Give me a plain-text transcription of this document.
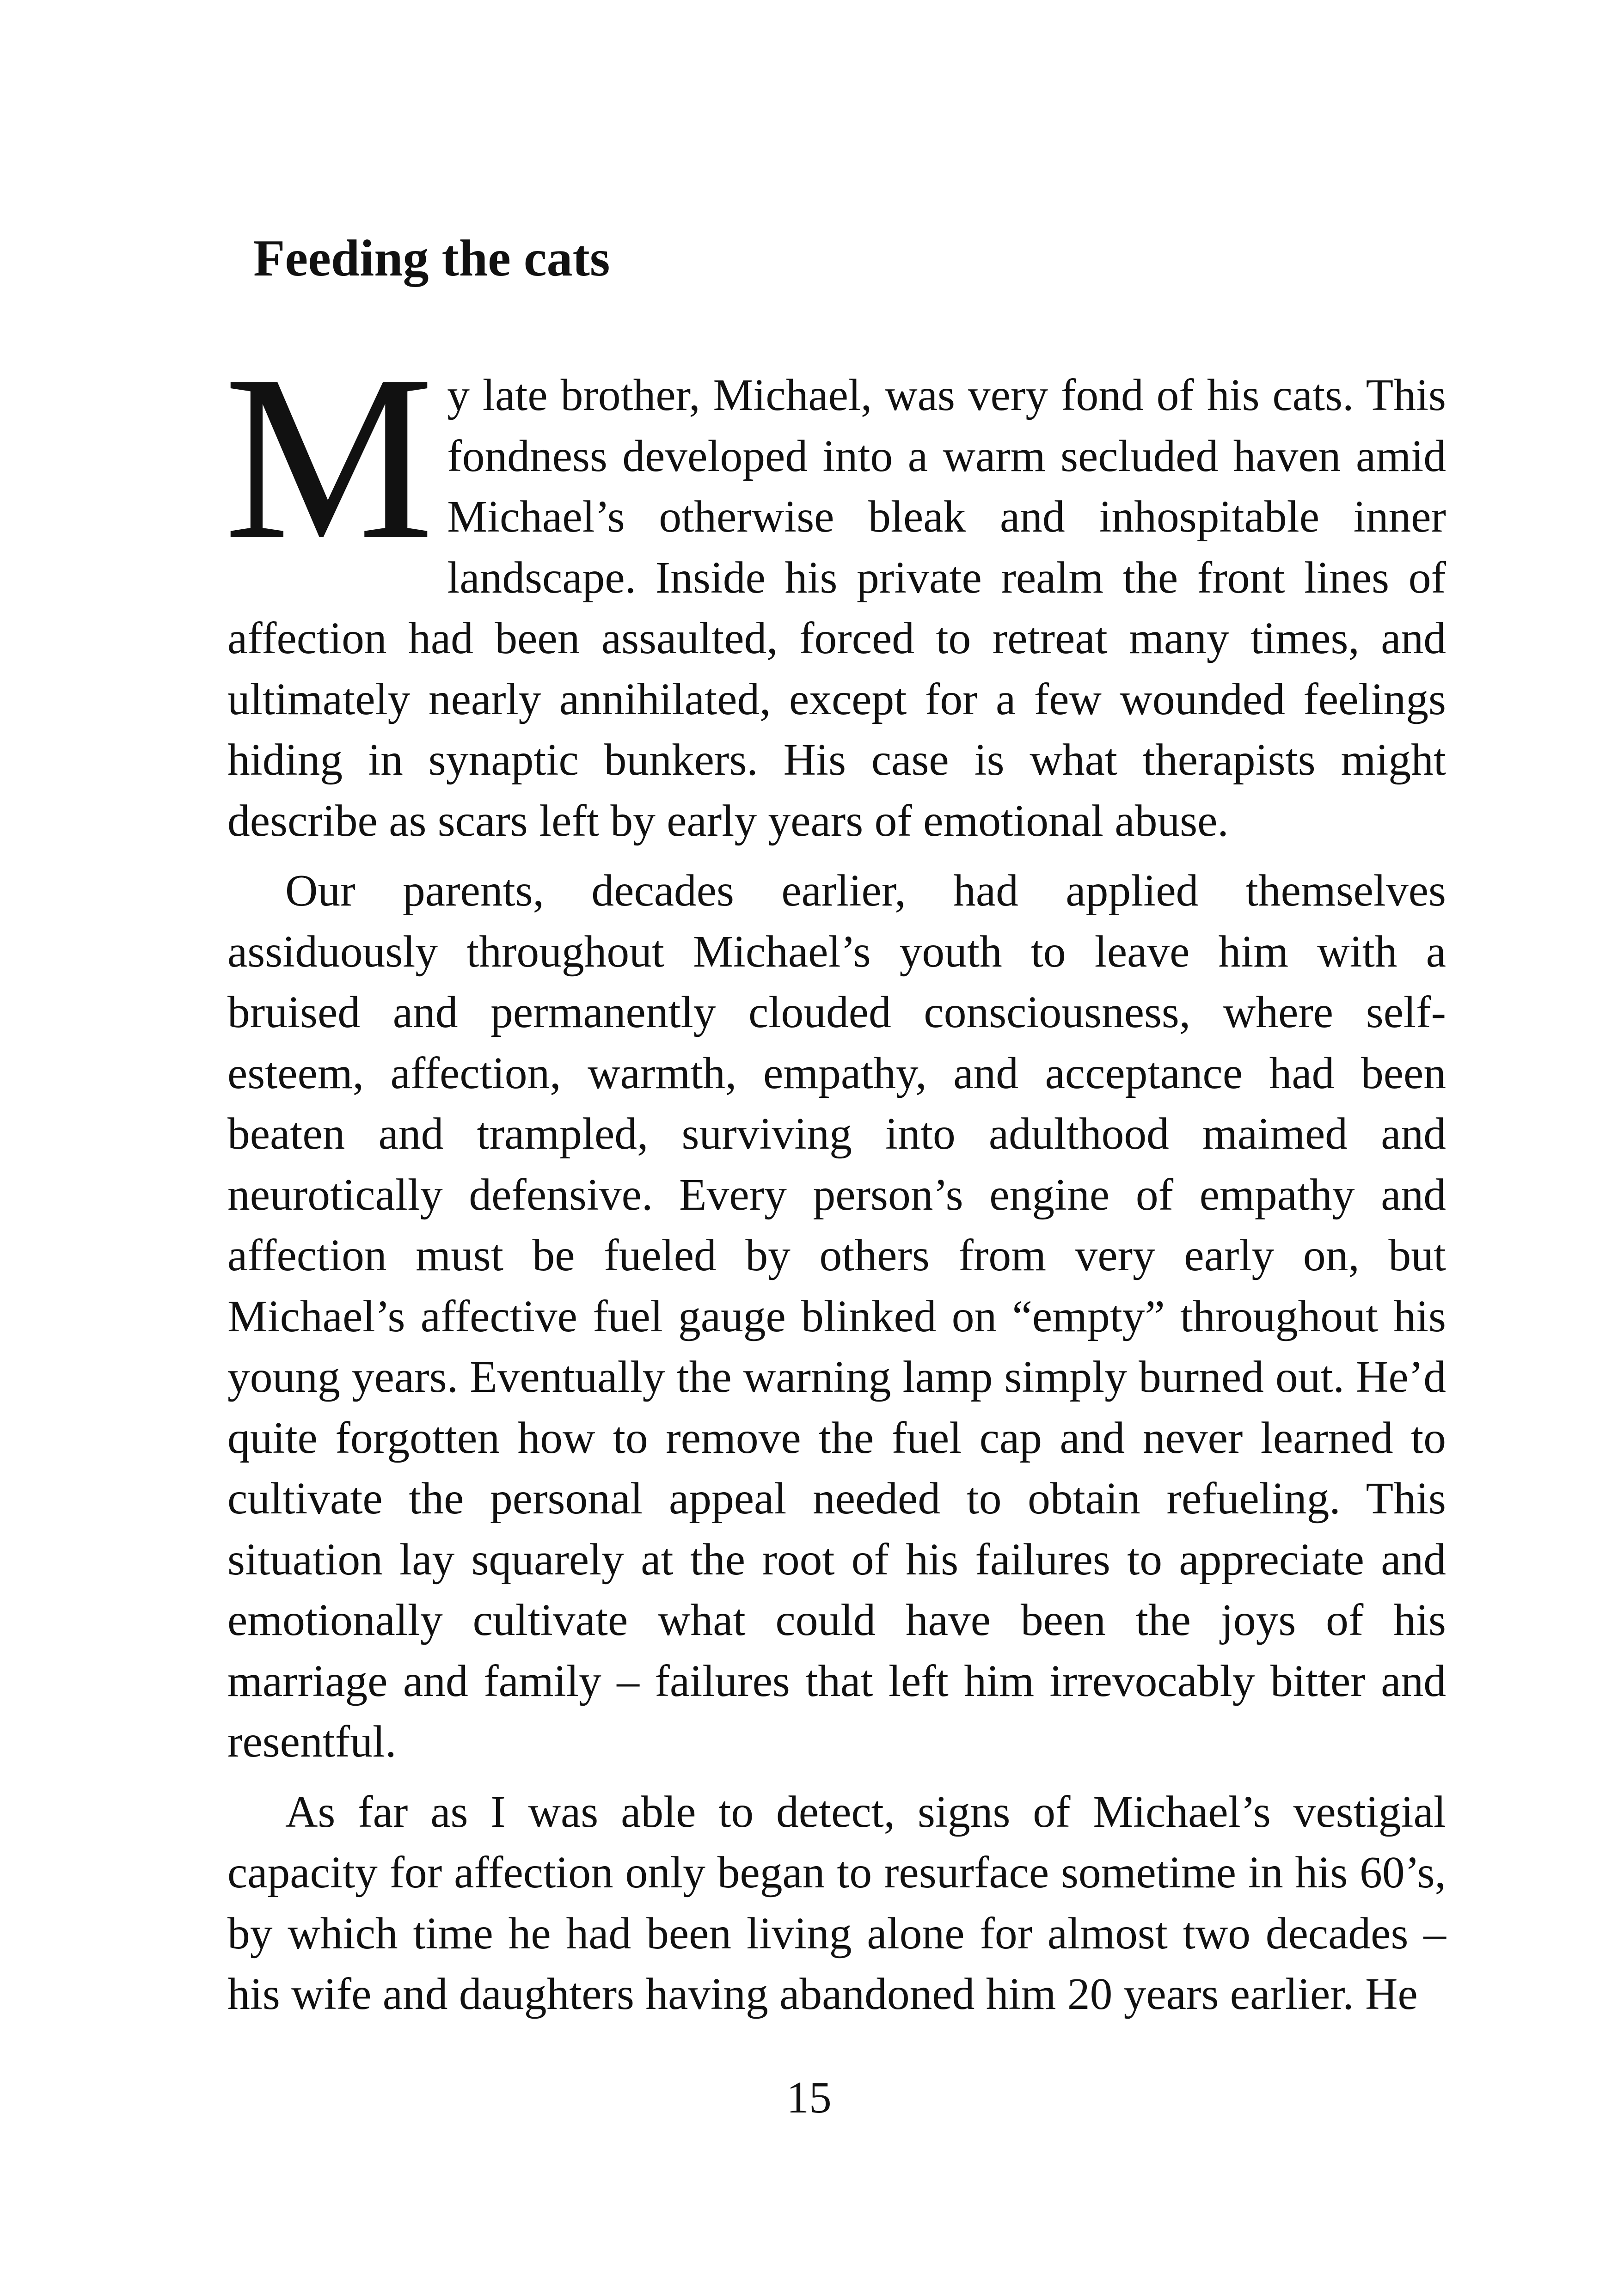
Feeding the cats

My late brother, Michael, was very fond of his cats. This fondness developed into a warm secluded haven amid Michael’s otherwise bleak and inhospitable inner landscape. Inside his private realm the front lines of affection had been assaulted, forced to retreat many times, and ultimately nearly annihilated, except for a few wounded feelings hiding in synaptic bunkers. His case is what therapists might describe as scars left by early years of emotional abuse.

Our parents, decades earlier, had applied themselves assiduously throughout Michael’s youth to leave him with a bruised and permanently clouded consciousness, where self-esteem, affection, warmth, empathy, and acceptance had been beaten and trampled, surviving into adulthood maimed and neurotically defensive. Every person’s engine of empathy and affection must be fueled by others from very early on, but Michael’s affective fuel gauge blinked on “empty” throughout his young years. Eventually the warning lamp simply burned out. He’d quite forgotten how to remove the fuel cap and never learned to cultivate the personal appeal needed to obtain refueling. This situation lay squarely at the root of his failures to appreciate and emotionally cultivate what could have been the joys of his marriage and family – failures that left him irrevocably bitter and resentful.

As far as I was able to detect, signs of Michael’s vestigial capacity for affection only began to resurface sometime in his 60’s, by which time he had been living alone for almost two decades – his wife and daughters having abandoned him 20 years earlier. He

15
